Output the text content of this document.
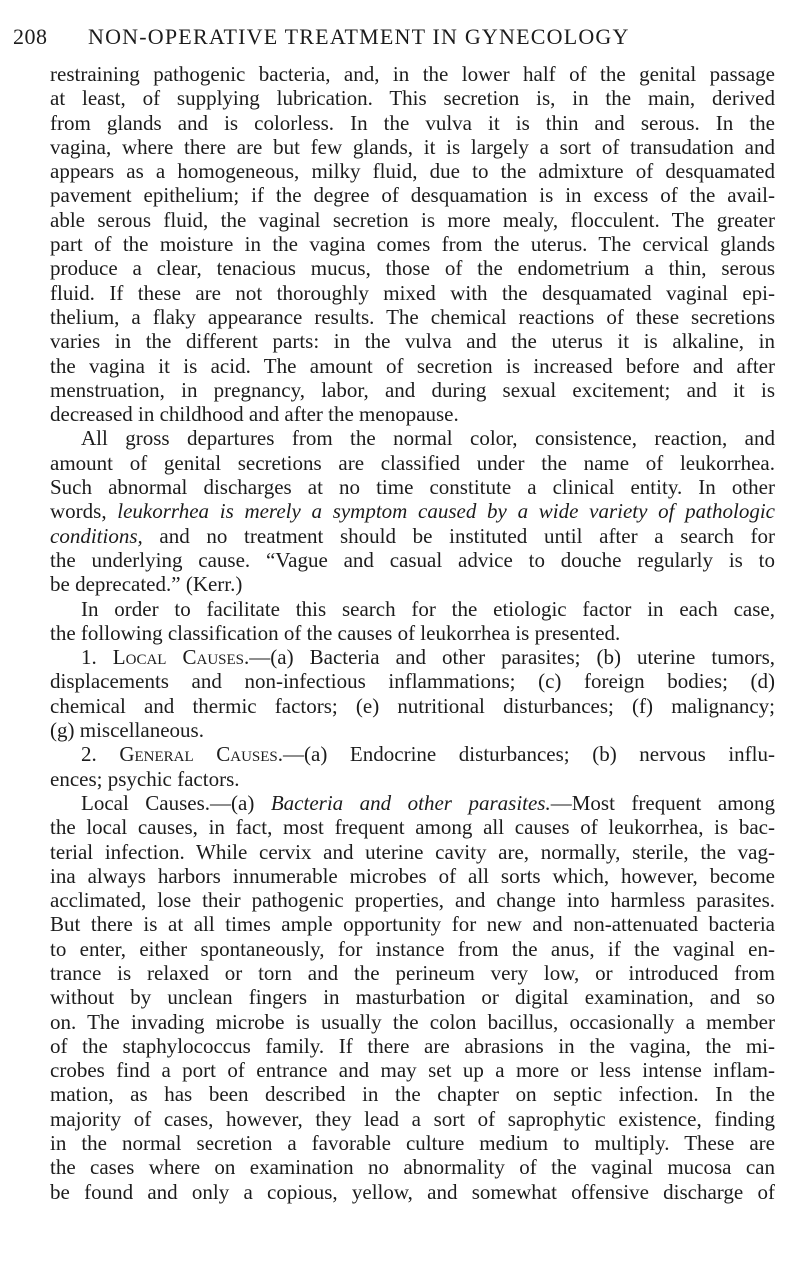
208 NON-OPERATIVE TREATMENT IN GYNECOLOGY
restraining pathogenic bacteria, and, in the lower half of the genital passage
at least, of supplying lubrication. This secretion is, in the main, derived
from glands and is colorless. In the vulva it is thin and serous. In the
vagina, where there are but few glands, it is largely a sort of transudation and
appears as a homogeneous, milky fluid, due to the admixture of desquamated
pavement epithelium; if the degree of desquamation is in excess of the avail-
able serous fluid, the vaginal secretion is more mealy, flocculent. The greater
part of the moisture in the vagina comes from the uterus. The cervical glands
produce a clear, tenacious mucus, those of the endometrium a thin, serous
fluid. If these are not thoroughly mixed with the desquamated vaginal epi-
thelium, a flaky appearance results. The chemical reactions of these secretions
varies in the different parts: in the vulva and the uterus it is alkaline, in
the vagina it is acid. The amount of secretion is increased before and after
menstruation, in pregnancy, labor, and during sexual excitement; and it is
decreased in childhood and after the menopause.
All gross departures from the normal color, consistence, reaction, and
amount of genital secretions are classified under the name of leukorrhea.
Such abnormal discharges at no time constitute a clinical entity. In other
words, leukorrhea is merely a symptom caused by a wide variety of pathologic
conditions, and no treatment should be instituted until after a search for
the underlying cause. “Vague and casual advice to douche regularly is to
be deprecated.” (Kerr.)
In order to facilitate this search for the etiologic factor in each case,
the following classification of the causes of leukorrhea is presented.
1. Local Causes.—(a) Bacteria and other parasites; (b) uterine tumors,
displacements and non-infectious inflammations; (c) foreign bodies; (d)
chemical and thermic factors; (e) nutritional disturbances; (f) malignancy;
(g) miscellaneous.
2. General Causes.—(a) Endocrine disturbances; (b) nervous influ-
ences; psychic factors.
Local Causes.—(a) Bacteria and other parasites.—Most frequent among
the local causes, in fact, most frequent among all causes of leukorrhea, is bac-
terial infection. While cervix and uterine cavity are, normally, sterile, the vag-
ina always harbors innumerable microbes of all sorts which, however, become
acclimated, lose their pathogenic properties, and change into harmless parasites.
But there is at all times ample opportunity for new and non-attenuated bacteria
to enter, either spontaneously, for instance from the anus, if the vaginal en-
trance is relaxed or torn and the perineum very low, or introduced from
without by unclean fingers in masturbation or digital examination, and so
on. The invading microbe is usually the colon bacillus, occasionally a member
of the staphylococcus family. If there are abrasions in the vagina, the mi-
crobes find a port of entrance and may set up a more or less intense inflam-
mation, as has been described in the chapter on septic infection. In the
majority of cases, however, they lead a sort of saprophytic existence, finding
in the normal secretion a favorable culture medium to multiply. These are
the cases where on examination no abnormality of the vaginal mucosa can
be found and only a copious, yellow, and somewhat offensive discharge of
